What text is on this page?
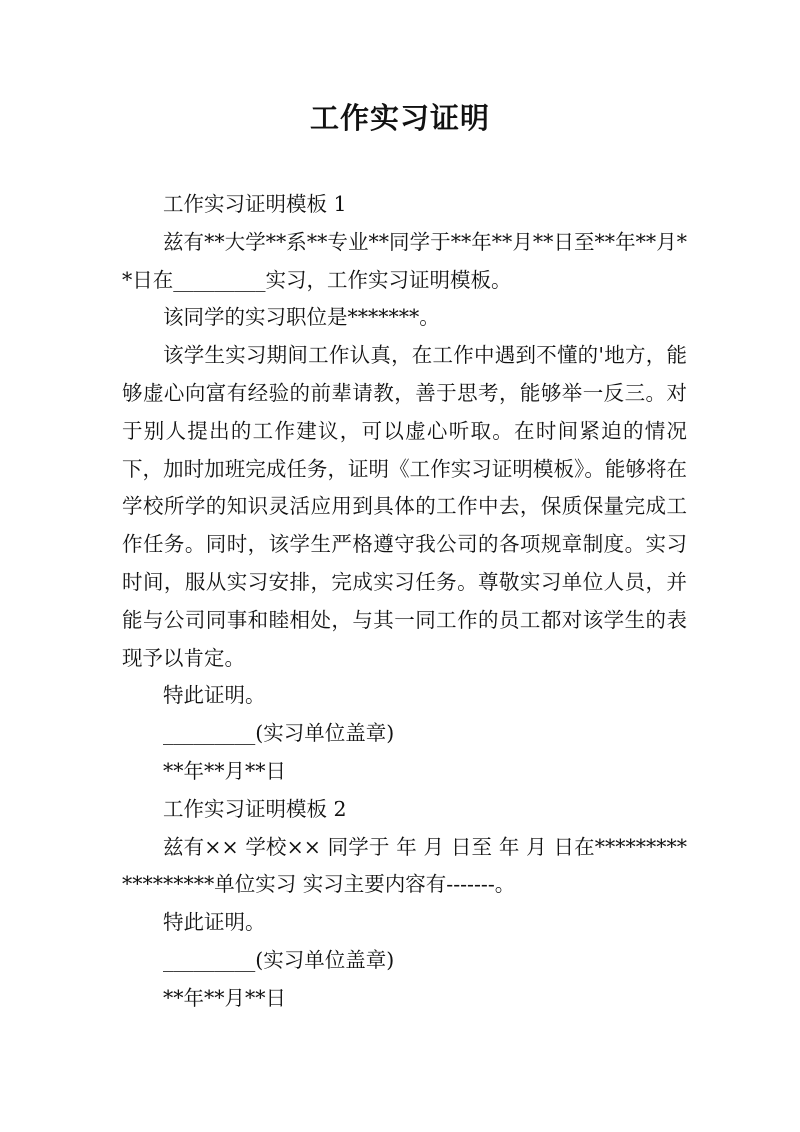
工作实习证明

工作实习证明模板 1

兹有**大学**系**专业**同学于**年**月**日至**年**月**日在_________实习，工作实习证明模板。

该同学的实习职位是*******。

该学生实习期间工作认真，在工作中遇到不懂的'地方，能够虚心向富有经验的前辈请教，善于思考，能够举一反三。对于别人提出的工作建议，可以虚心听取。在时间紧迫的情况下，加时加班完成任务，证明《工作实习证明模板》。能够将在学校所学的知识灵活应用到具体的工作中去，保质保量完成工作任务。同时，该学生严格遵守我公司的各项规章制度。实习时间，服从实习安排，完成实习任务。尊敬实习单位人员，并能与公司同事和睦相处，与其一同工作的员工都对该学生的表现予以肯定。

特此证明。

_________(实习单位盖章)

**年**月**日

工作实习证明模板 2

兹有×× 学校×× 同学于 年 月 日至 年 月 日在******************单位实习 实习主要内容有-------。

特此证明。

_________(实习单位盖章)

**年**月**日
